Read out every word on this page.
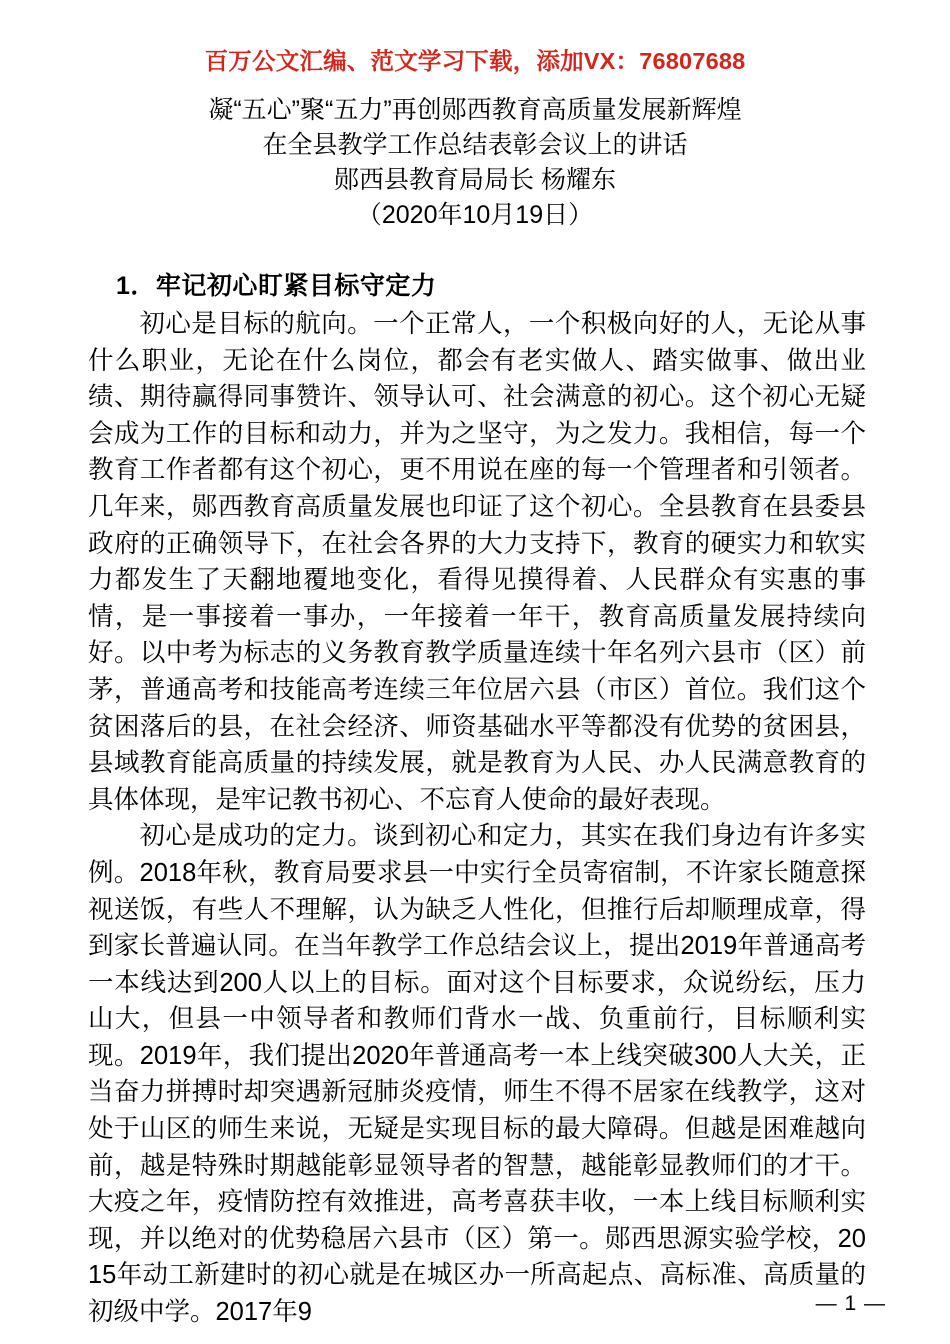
百万公文汇编、范文学习下载，添加VX：76807688
凝“五心”聚“五力”再创郧西教育高质量发展新辉煌
在全县教学工作总结表彰会议上的讲话
郧西县教育局局长 杨耀东
（2020年10月19日）
1．牢记初心盯紧目标守定力

初心是目标的航向。一个正常人，一个积极向好的人，无论从事什么职业，无论在什么岗位，都会有老实做人、踏实做事、做出业绩、期待赢得同事赞许、领导认可、社会满意的初心。这个初心无疑会成为工作的目标和动力，并为之坚守，为之发力。我相信，每一个教育工作者都有这个初心，更不用说在座的每一个管理者和引领者。几年来，郧西教育高质量发展也印证了这个初心。全县教育在县委县政府的正确领导下，在社会各界的大力支持下，教育的硬实力和软实力都发生了天翻地覆地变化，看得见摸得着、人民群众有实惠的事情，是一事接着一事办，一年接着一年干，教育高质量发展持续向好。以中考为标志的义务教育教学质量连续十年名列六县市（区）前茅，普通高考和技能高考连续三年位居六县（市区）首位。我们这个贫困落后的县，在社会经济、师资基础水平等都没有优势的贫困县，县域教育能高质量的持续发展，就是教育为人民、办人民满意教育的具体体现，是牢记教书初心、不忘育人使命的最好表现。

初心是成功的定力。谈到初心和定力，其实在我们身边有许多实例。2018年秋，教育局要求县一中实行全员寄宿制，不许家长随意探视送饭，有些人不理解，认为缺乏人性化，但推行后却顺理成章，得到家长普遍认同。在当年教学工作总结会议上，提出2019年普通高考一本线达到200人以上的目标。面对这个目标要求，众说纷纭，压力山大，但县一中领导者和教师们背水一战、负重前行，目标顺利实现。2019年，我们提出2020年普通高考一本上线突破300人大关，正当奋力拼搏时却突遇新冠肺炎疫情，师生不得不居家在线教学，这对处于山区的师生来说，无疑是实现目标的最大障碍。但越是困难越向前，越是特殊时期越能彰显领导者的智慧，越能彰显教师们的才干。大疫之年，疫情防控有效推进，高考喜获丰收，一本上线目标顺利实现，并以绝对的优势稳居六县市（区）第一。郧西思源实验学校，2015年动工新建时的初心就是在城区办一所高起点、高标准、高质量的初级中学。2017年9	— 1 —
